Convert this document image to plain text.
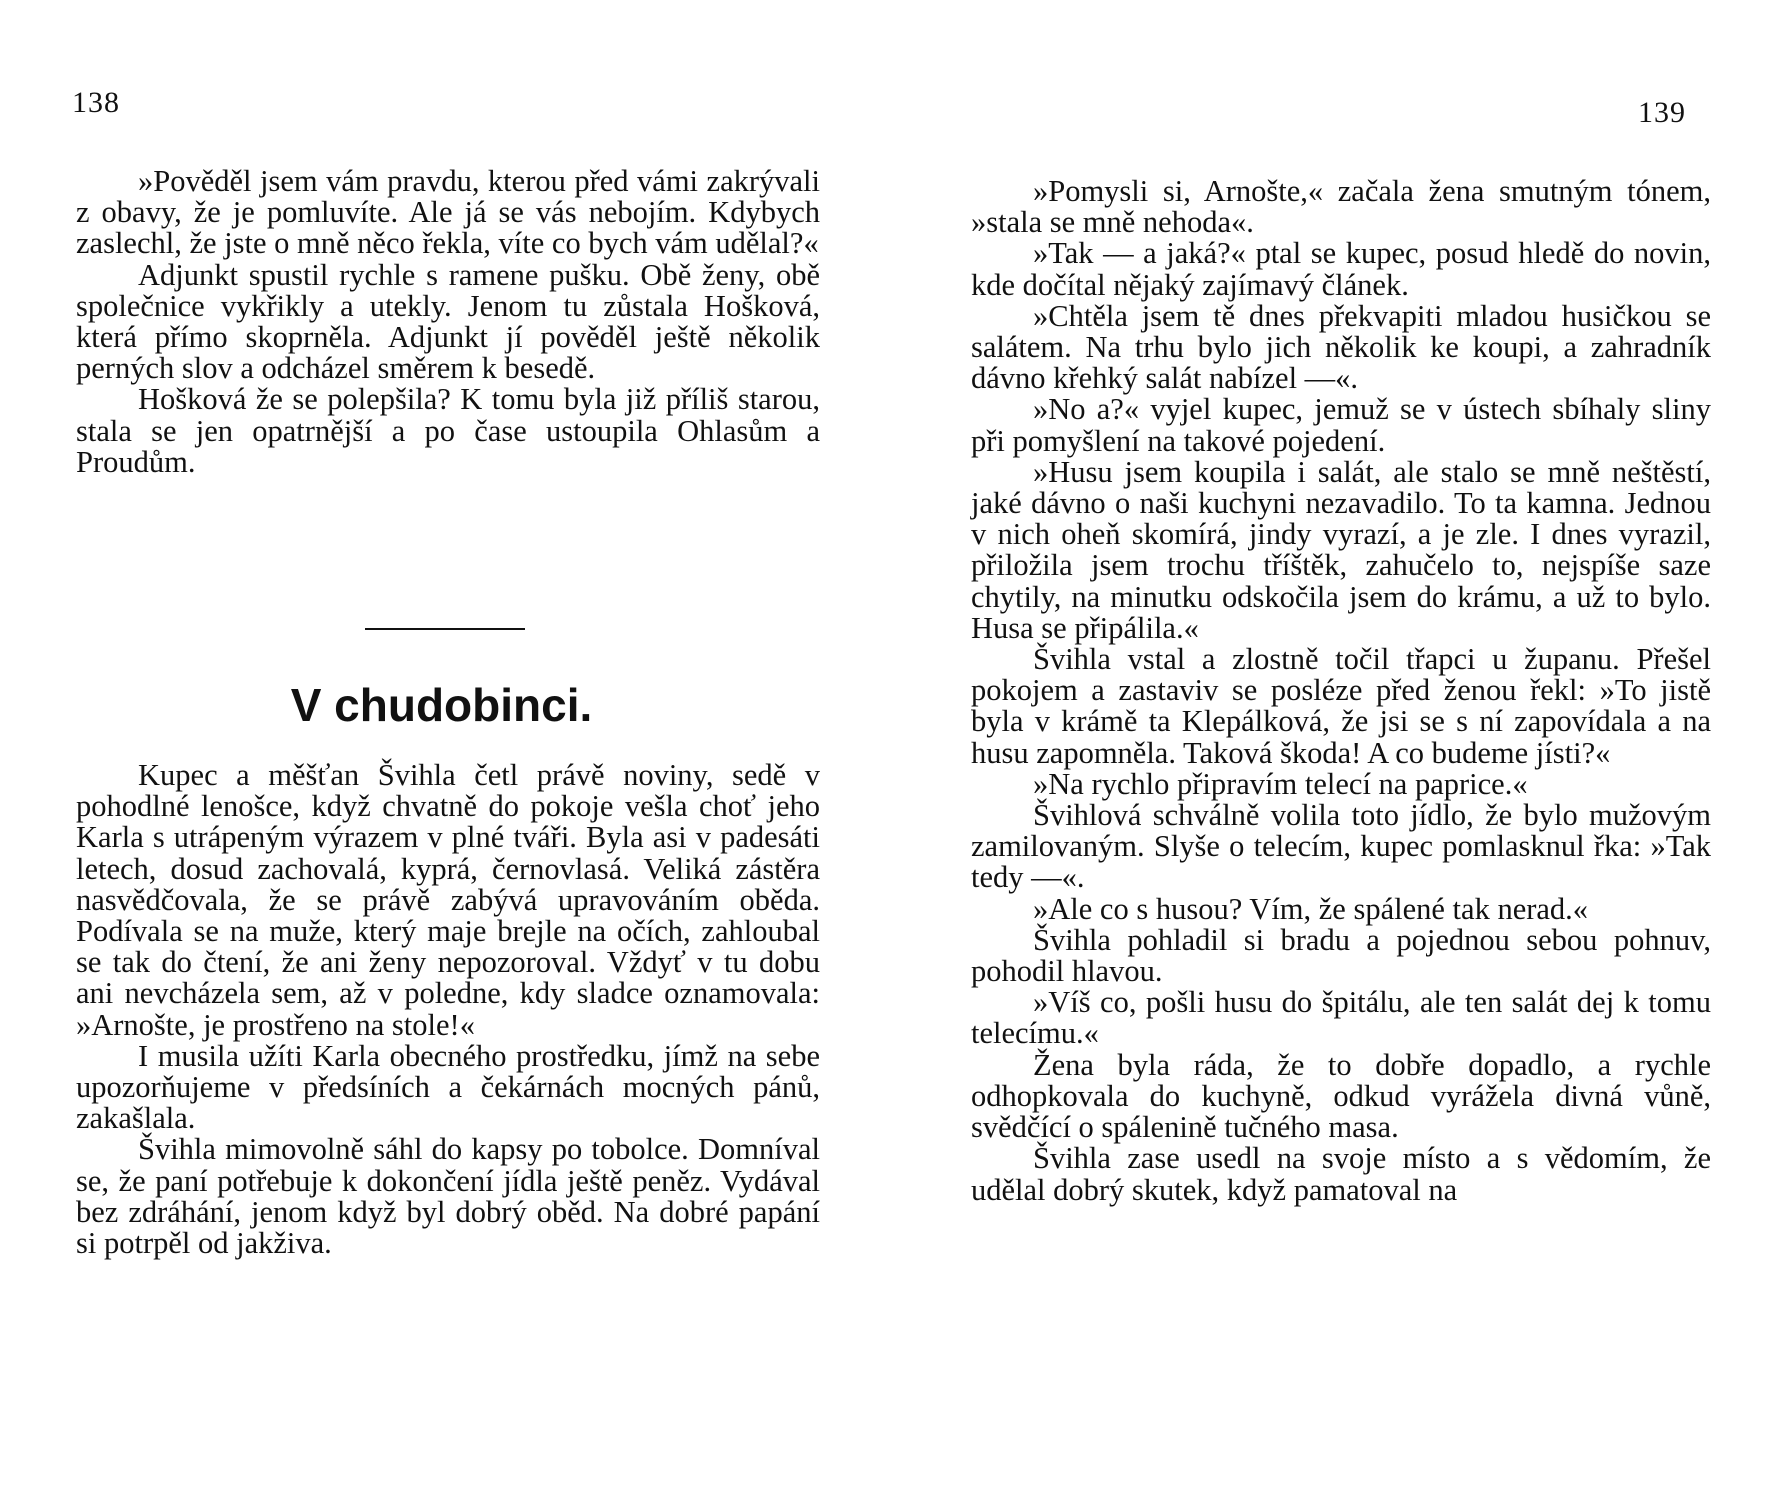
138

»Pověděl jsem vám pravdu, kterou před vámi zakrývali z obavy, že je pomluvíte. Ale já se vás nebojím. Kdybych zaslechl, že jste o mně něco řekla, víte co bych vám udělal?«

Adjunkt spustil rychle s ramene pušku. Obě ženy, obě společnice vykřikly a utekly. Jenom tu zůstala Hošková, která přímo skoprněla. Adjunkt jí pověděl ještě několik perných slov a odcházel směrem k besedě.

Hošková že se polepšila? K tomu byla již příliš starou, stala se jen opatrnější a po čase ustoupila Ohlasům a Proudům.

V chudobinci.

Kupec a měšťan Švihla četl právě noviny, sedě v pohodlné lenošce, když chvatně do pokoje vešla choť jeho Karla s utrápeným výrazem v plné tváři. Byla asi v padesáti letech, dosud zachovalá, kyprá, černovlasá. Veliká zástěra nasvědčovala, že se právě zabývá upravováním oběda. Podívala se na muže, který maje brejle na očích, zahloubal se tak do čtení, že ani ženy nepozoroval. Vždyť v tu dobu ani nevcházela sem, až v poledne, kdy sladce oznamovala: »Arnošte, je prostřeno na stole!«

I musila užíti Karla obecného prostředku, jímž na sebe upozorňujeme v předsíních a čekárnách mocných pánů, zakašlala.

Švihla mimovolně sáhl do kapsy po tobolce. Domníval se, že paní potřebuje k dokončení jídla ještě peněz. Vydával bez zdráhání, jenom když byl dobrý oběd. Na dobré papání si potrpěl od jakživa.

139

»Pomysli si, Arnošte,« začala žena smutným tónem, »stala se mně nehoda«.

»Tak — a jaká?« ptal se kupec, posud hledě do novin, kde dočítal nějaký zajímavý článek.

»Chtěla jsem tě dnes překvapiti mladou husičkou se salátem. Na trhu bylo jich několik ke koupi, a zahradník dávno křehký salát nabízel —«.

»No a?« vyjel kupec, jemuž se v ústech sbíhaly sliny při pomyšlení na takové pojedení.

»Husu jsem koupila i salát, ale stalo se mně neštěstí, jaké dávno o naši kuchyni nezavadilo. To ta kamna. Jednou v nich oheň skomírá, jindy vyrazí, a je zle. I dnes vyrazil, přiložila jsem trochu tříštěk, zahučelo to, nejspíše saze chytily, na minutku odskočila jsem do krámu, a už to bylo. Husa se připálila.«

Švihla vstal a zlostně točil třapci u županu. Přešel pokojem a zastaviv se posléze před ženou řekl: »To jistě byla v krámě ta Klepálková, že jsi se s ní zapovídala a na husu zapomněla. Taková škoda! A co budeme jísti?«

»Na rychlo připravím telecí na paprice.«

Švihlová schválně volila toto jídlo, že bylo mužovým zamilovaným. Slyše o telecím, kupec pomlasknul řka: »Tak tedy —«.

»Ale co s husou? Vím, že spálené tak nerad.«

Švihla pohladil si bradu a pojednou sebou pohnuv, pohodil hlavou.

»Víš co, pošli husu do špitálu, ale ten salát dej k tomu telecímu.«

Žena byla ráda, že to dobře dopadlo, a rychle odhopkovala do kuchyně, odkud vyrážela divná vůně, svědčící o spálenině tučného masa.

Švihla zase usedl na svoje místo a s vědomím, že udělal dobrý skutek, když pamatoval na
